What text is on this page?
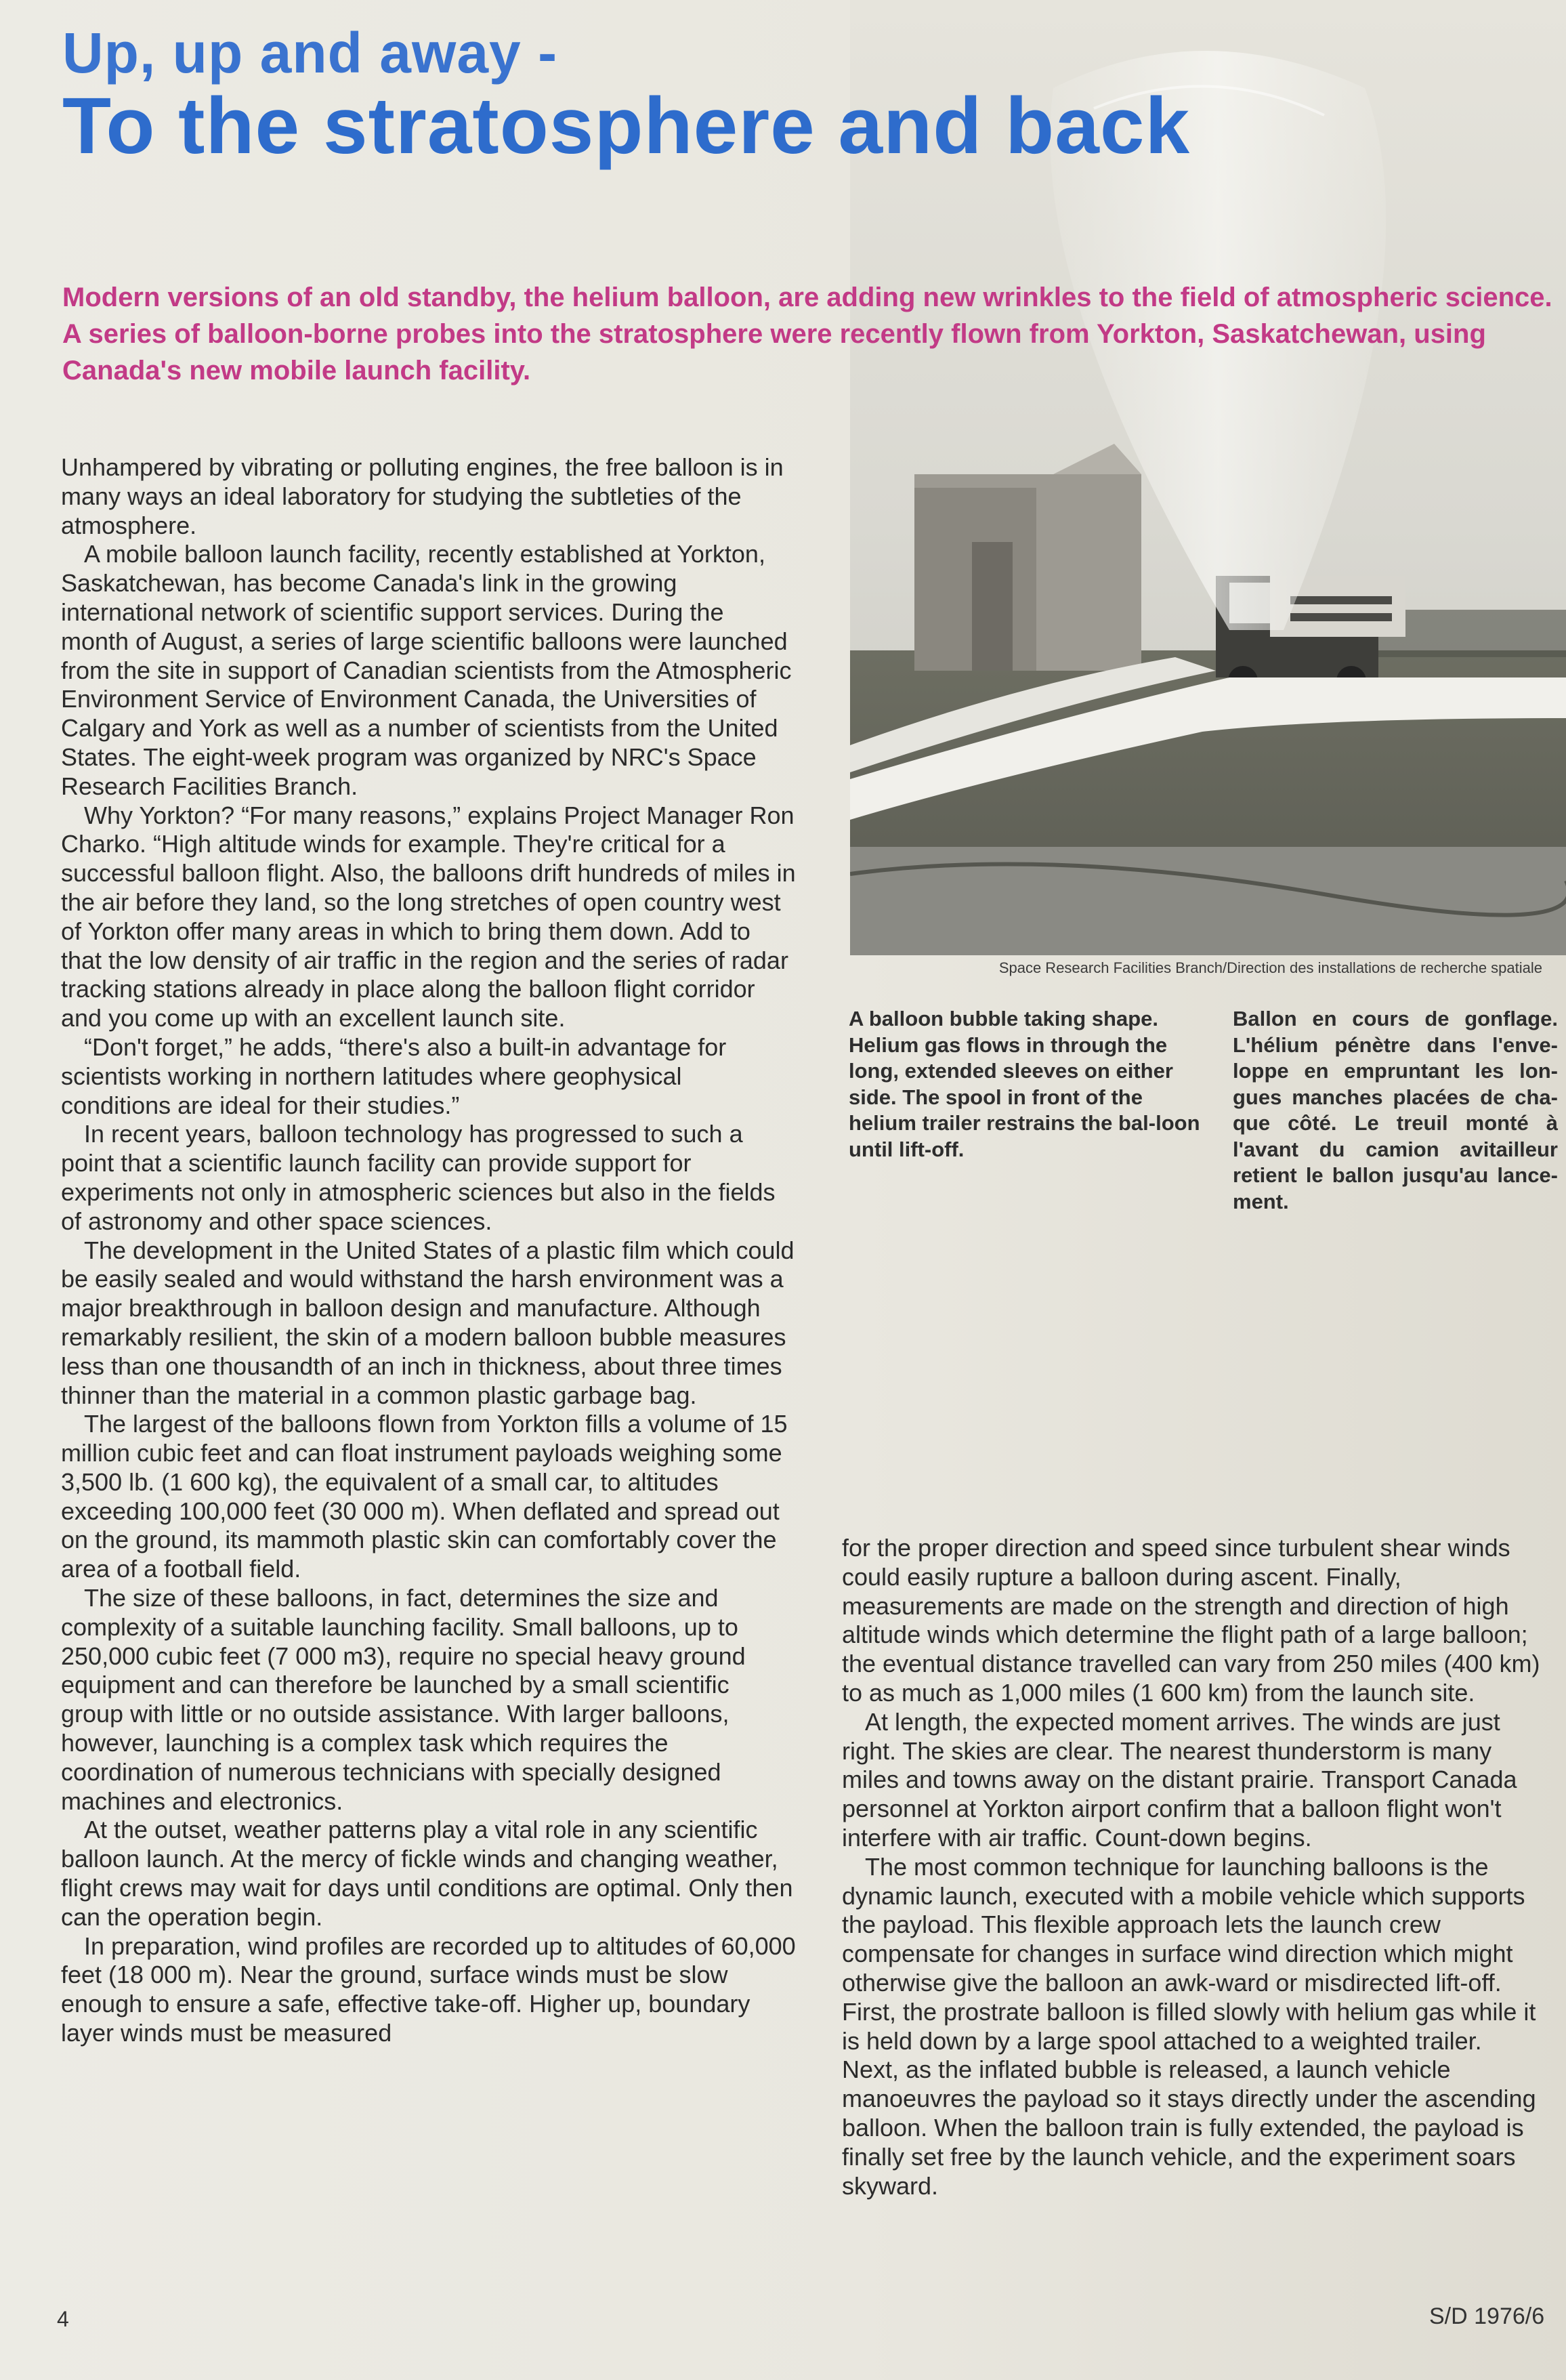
Up, up and away -
To the stratosphere and back
Modern versions of an old standby, the helium balloon, are adding new wrinkles to the field of atmospheric science. A series of balloon-borne probes into the stratosphere were recently flown from Yorkton, Saskatchewan, using Canada's new mobile launch facility.

Unhampered by vibrating or polluting engines, the free balloon is in many ways an ideal laboratory for studying the subtleties of the atmosphere.

A mobile balloon launch facility, recently established at Yorkton, Saskatchewan, has become Canada's link in the growing international network of scientific support services. During the month of August, a series of large scientific balloons were launched from the site in support of Canadian scientists from the Atmospheric Environment Service of Environment Canada, the Universities of Calgary and York as well as a number of scientists from the United States. The eight-week program was organized by NRC's Space Research Facilities Branch.

Why Yorkton? “For many reasons,” explains Project Manager Ron Charko. “High altitude winds for example. They're critical for a successful balloon flight. Also, the balloons drift hundreds of miles in the air before they land, so the long stretches of open country west of Yorkton offer many areas in which to bring them down. Add to that the low density of air traffic in the region and the series of radar tracking stations already in place along the balloon flight corridor and you come up with an excellent launch site.

“Don't forget,” he adds, “there's also a built-in advantage for scientists working in northern latitudes where geophysical conditions are ideal for their studies.”

In recent years, balloon technology has progressed to such a point that a scientific launch facility can provide support for experiments not only in atmospheric sciences but also in the fields of astronomy and other space sciences.

The development in the United States of a plastic film which could be easily sealed and would withstand the harsh environment was a major breakthrough in balloon design and manufacture. Although remarkably resilient, the skin of a modern balloon bubble measures less than one thousandth of an inch in thickness, about three times thinner than the material in a common plastic garbage bag.

The largest of the balloons flown from Yorkton fills a volume of 15 million cubic feet and can float instrument payloads weighing some 3,500 lb. (1 600 kg), the equivalent of a small car, to altitudes exceeding 100,000 feet (30 000 m). When deflated and spread out on the ground, its mammoth plastic skin can comfortably cover the area of a football field.

The size of these balloons, in fact, determines the size and complexity of a suitable launching facility. Small balloons, up to 250,000 cubic feet (7 000 m3), require no special heavy ground equipment and can therefore be launched by a small scientific group with little or no outside assistance. With larger balloons, however, launching is a complex task which requires the coordination of numerous technicians with specially designed machines and electronics.

At the outset, weather patterns play a vital role in any scientific balloon launch. At the mercy of fickle winds and changing weather, flight crews may wait for days until conditions are optimal. Only then can the operation begin.

In preparation, wind profiles are recorded up to altitudes of 60,000 feet (18 000 m). Near the ground, surface winds must be slow enough to ensure a safe, effective take-off. Higher up, boundary layer winds must be measured

Space Research Facilities Branch/Direction des installations de recherche spatiale
A balloon bubble taking shape. Helium gas flows in through the long, extended sleeves on either side. The spool in front of the helium trailer restrains the bal-loon until lift-off.
Ballon en cours de gonflage. L'hélium pénètre dans l'enve-loppe en empruntant les lon-gues manches placées de cha-que côté. Le treuil monté à l'avant du camion avitailleur retient le ballon jusqu'au lance-ment.

for the proper direction and speed since turbulent shear winds could easily rupture a balloon during ascent. Finally, measurements are made on the strength and direction of high altitude winds which determine the flight path of a large balloon; the eventual distance travelled can vary from 250 miles (400 km) to as much as 1,000 miles (1 600 km) from the launch site.

At length, the expected moment arrives. The winds are just right. The skies are clear. The nearest thunderstorm is many miles and towns away on the distant prairie. Transport Canada personnel at Yorkton airport confirm that a balloon flight won't interfere with air traffic. Count-down begins.

The most common technique for launching balloons is the dynamic launch, executed with a mobile vehicle which supports the payload. This flexible approach lets the launch crew compensate for changes in surface wind direction which might otherwise give the balloon an awk-ward or misdirected lift-off. First, the prostrate balloon is filled slowly with helium gas while it is held down by a large spool attached to a weighted trailer. Next, as the inflated bubble is released, a launch vehicle manoeuvres the payload so it stays directly under the ascending balloon. When the balloon train is fully extended, the payload is finally set free by the launch vehicle, and the experiment soars skyward.

4	S/D 1976/6
